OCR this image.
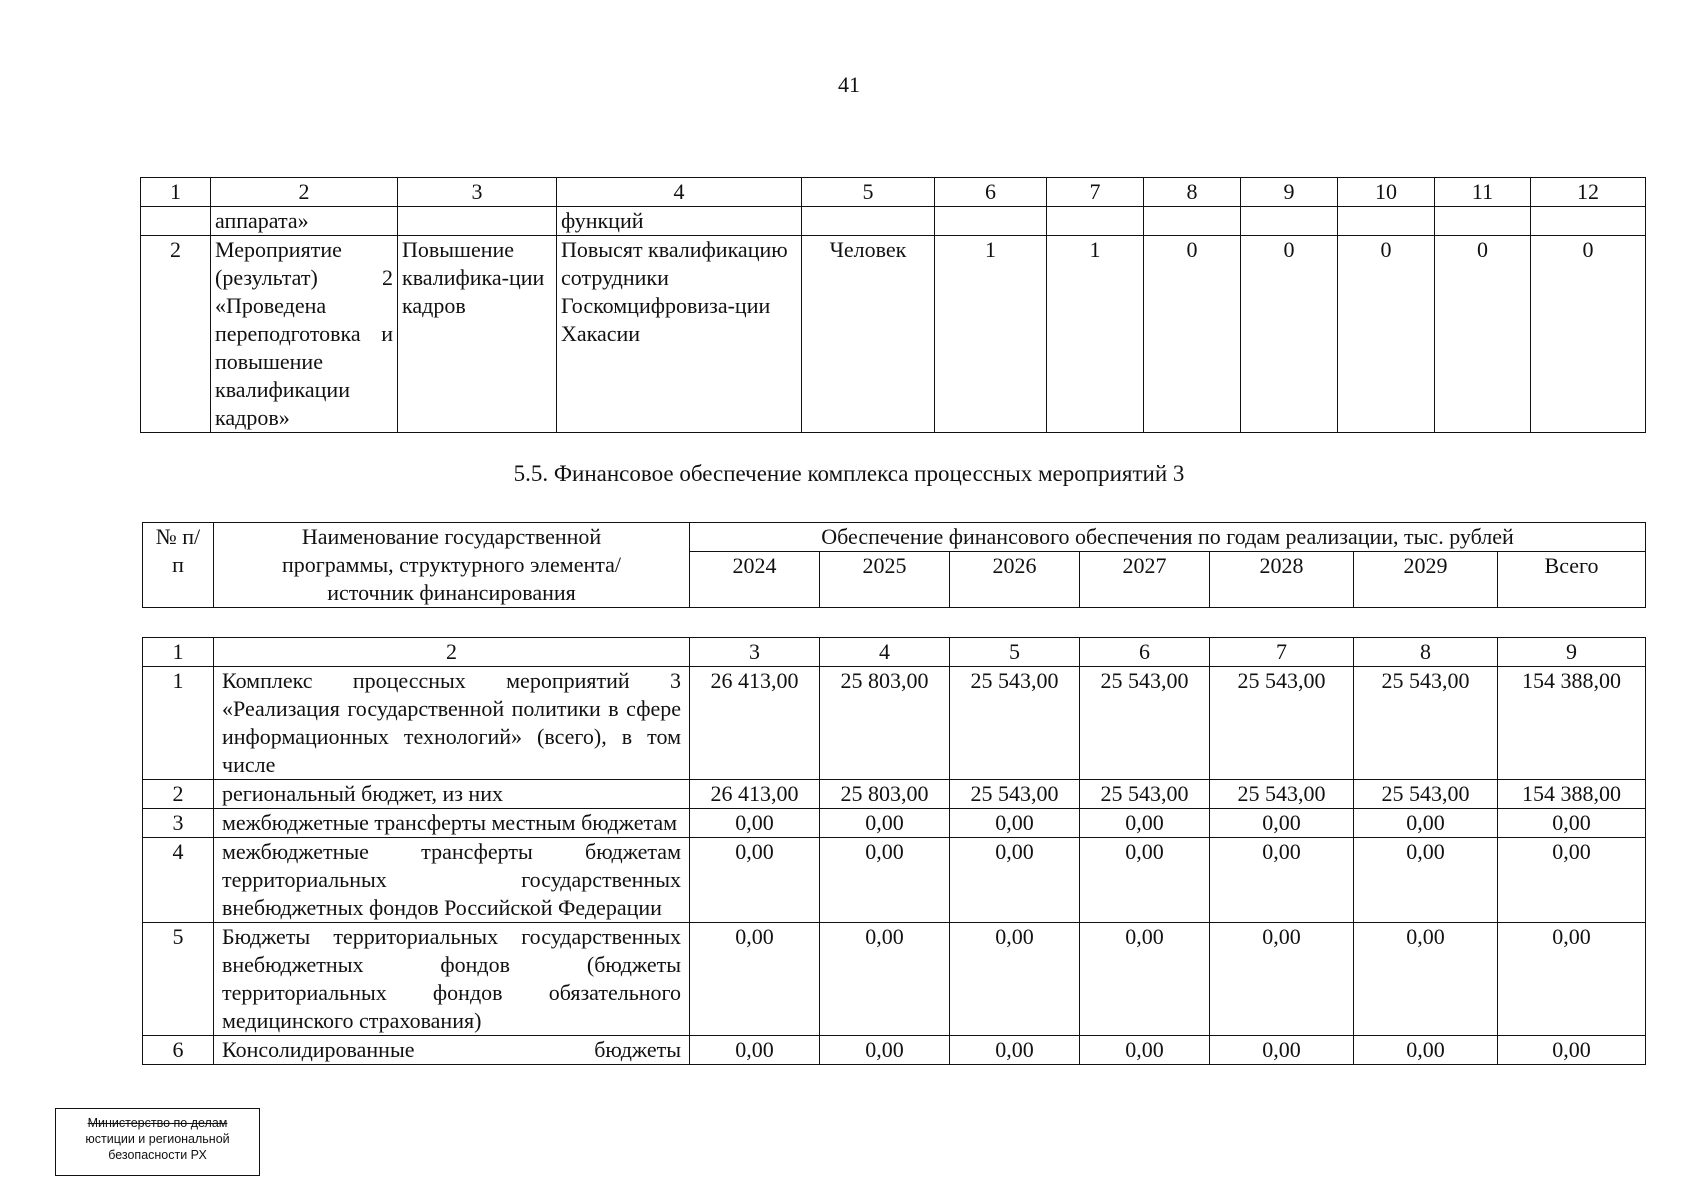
41
1	2	3	4	5	6	7	8	9	10	11	12
	аппарата»		функций								
2	Мероприятие (результат) 2 «Проведена переподготовка и повышение квалификации кадров»	Повышение квалифика-ции кадров	Повысят квалификацию сотрудники Госкомцифровиза-ции Хакасии	Человек	1	1	0	0	0	0	0
5.5. Финансовое обеспечение комплекса процессных мероприятий 3
№ п/п	Наименование государственной программы, структурного элемента/источник финансирования	Обеспечение финансового обеспечения по годам реализации, тыс. рублей						
		2024	2025	2026	2027	2028	2029	Всего
1	2	3	4	5	6	7	8	9
1	Комплекс процессных мероприятий 3 «Реализация государственной политики в сфере информационных технологий» (всего), в том числе	26 413,00	25 803,00	25 543,00	25 543,00	25 543,00	25 543,00	154 388,00
2	региональный бюджет, из них	26 413,00	25 803,00	25 543,00	25 543,00	25 543,00	25 543,00	154 388,00
3	межбюджетные трансферты местным бюджетам	0,00	0,00	0,00	0,00	0,00	0,00	0,00
4	межбюджетные трансферты бюджетам территориальных государственных внебюджетных фондов Российской Федерации	0,00	0,00	0,00	0,00	0,00	0,00	0,00
5	Бюджеты территориальных государственных внебюджетных фондов (бюджеты территориальных фондов обязательного медицинского страхования)	0,00	0,00	0,00	0,00	0,00	0,00	0,00
6	Консолидированные бюджеты	0,00	0,00	0,00	0,00	0,00	0,00	0,00
Министерство по делам
юстиции и региональной
безопасности РХ
